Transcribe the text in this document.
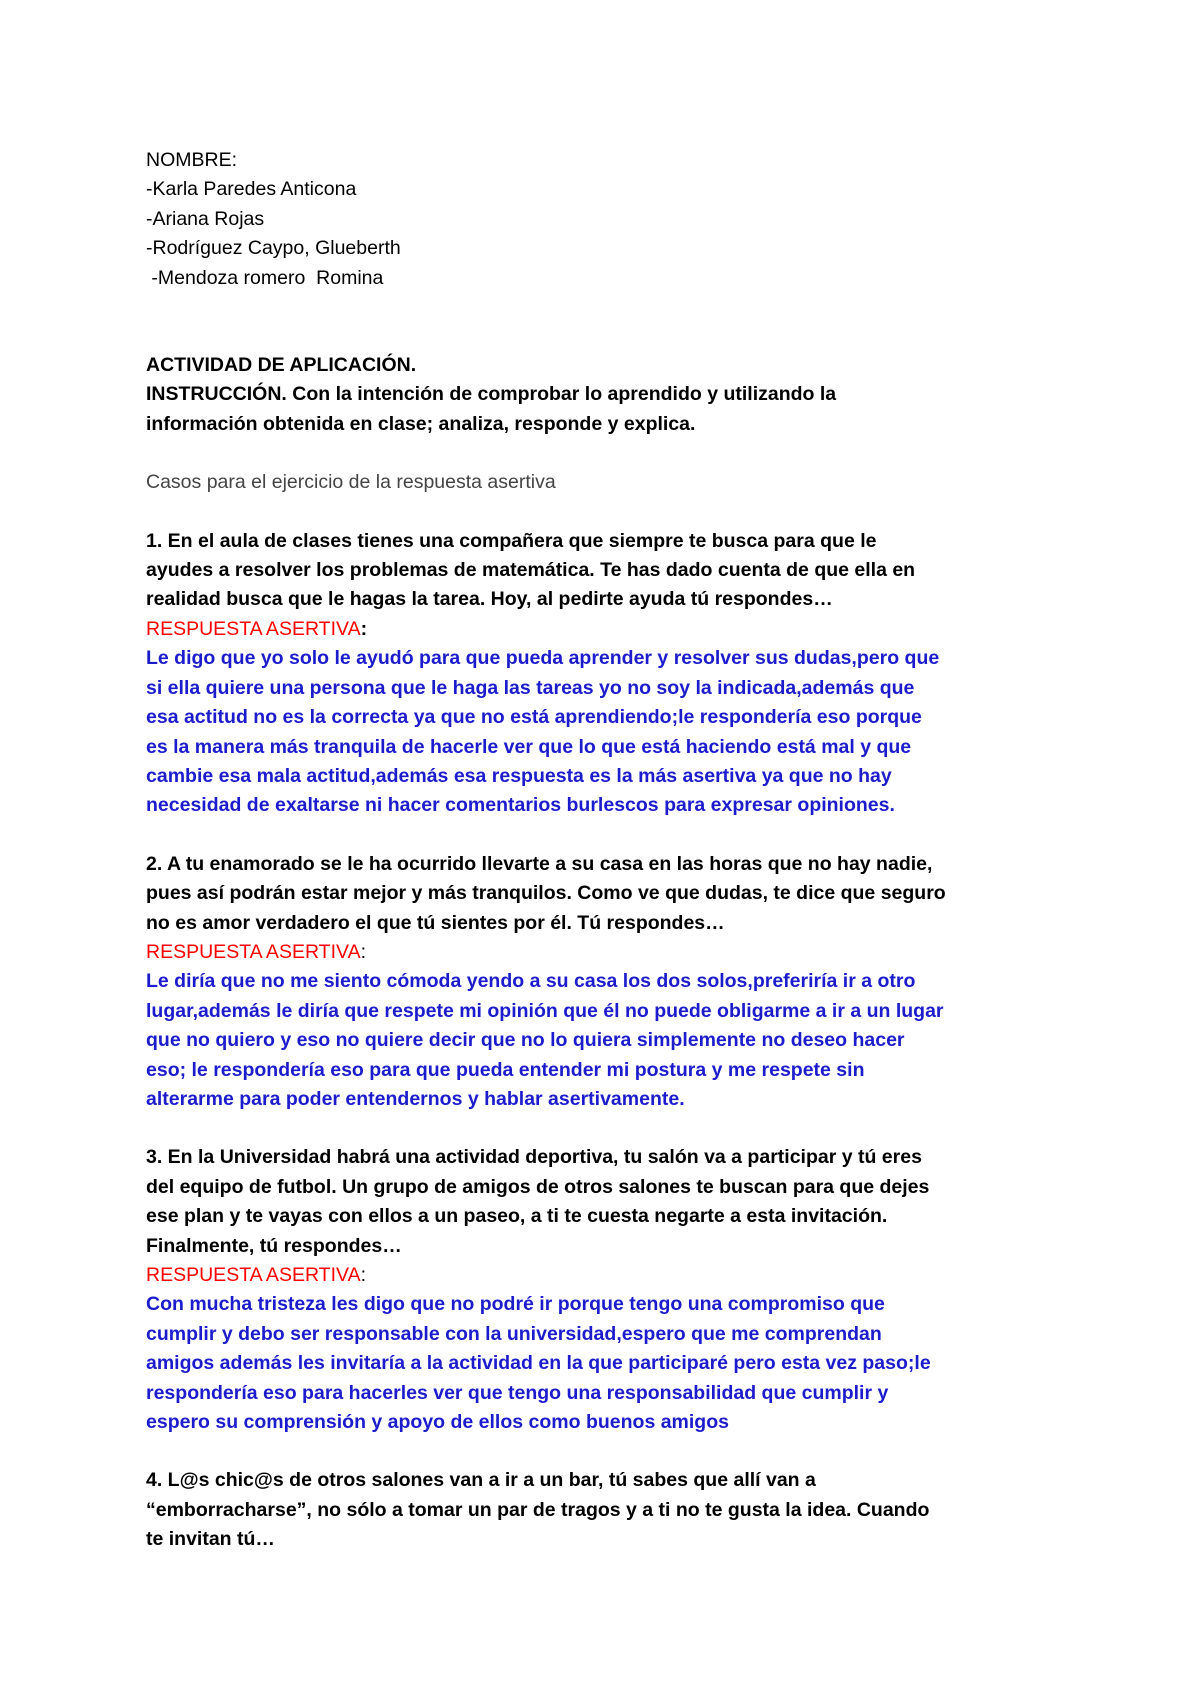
NOMBRE:

-Karla Paredes Anticona

-Ariana Rojas

-Rodríguez Caypo, Glueberth

-Mendoza romero  Romina

ACTIVIDAD DE APLICACIÓN.

INSTRUCCIÓN. Con la intención de comprobar lo aprendido y utilizando la

información obtenida en clase; analiza, responde y explica.

Casos para el ejercicio de la respuesta asertiva

1. En el aula de clases tienes una compañera que siempre te busca para que le

ayudes a resolver los problemas de matemática. Te has dado cuenta de que ella en

realidad busca que le hagas la tarea. Hoy, al pedirte ayuda tú respondes…

RESPUESTA ASERTIVA:

Le digo que yo solo le ayudó para que pueda aprender y resolver sus dudas,pero que

si ella quiere una persona que le haga las tareas yo no soy la indicada,además que

esa actitud no es la correcta ya que no está aprendiendo;le respondería eso porque

es la manera más tranquila de hacerle ver que lo que está haciendo está mal y que

cambie esa mala actitud,además esa respuesta es la más asertiva ya que no hay

necesidad de exaltarse ni hacer comentarios burlescos para expresar opiniones.

2. A tu enamorado se le ha ocurrido llevarte a su casa en las horas que no hay nadie,

pues así podrán estar mejor y más tranquilos. Como ve que dudas, te dice que seguro

no es amor verdadero el que tú sientes por él. Tú respondes…

RESPUESTA ASERTIVA:

Le diría que no me siento cómoda yendo a su casa los dos solos,preferiría ir a otro

lugar,además le diría que respete mi opinión que él no puede obligarme a ir a un lugar

que no quiero y eso no quiere decir que no lo quiera simplemente no deseo hacer

eso; le respondería eso para que pueda entender mi postura y me respete sin

alterarme para poder entendernos y hablar asertivamente.

3. En la Universidad habrá una actividad deportiva, tu salón va a participar y tú eres

del equipo de futbol. Un grupo de amigos de otros salones te buscan para que dejes

ese plan y te vayas con ellos a un paseo, a ti te cuesta negarte a esta invitación.

Finalmente, tú respondes…

RESPUESTA ASERTIVA:

Con mucha tristeza les digo que no podré ir porque tengo una compromiso que

cumplir y debo ser responsable con la universidad,espero que me comprendan

amigos además les invitaría a la actividad en la que participaré pero esta vez paso;le

respondería eso para hacerles ver que tengo una responsabilidad que cumplir y

espero su comprensión y apoyo de ellos como buenos amigos

4. L@s chic@s de otros salones van a ir a un bar, tú sabes que allí van a

“emborracharse”, no sólo a tomar un par de tragos y a ti no te gusta la idea. Cuando

te invitan tú…
